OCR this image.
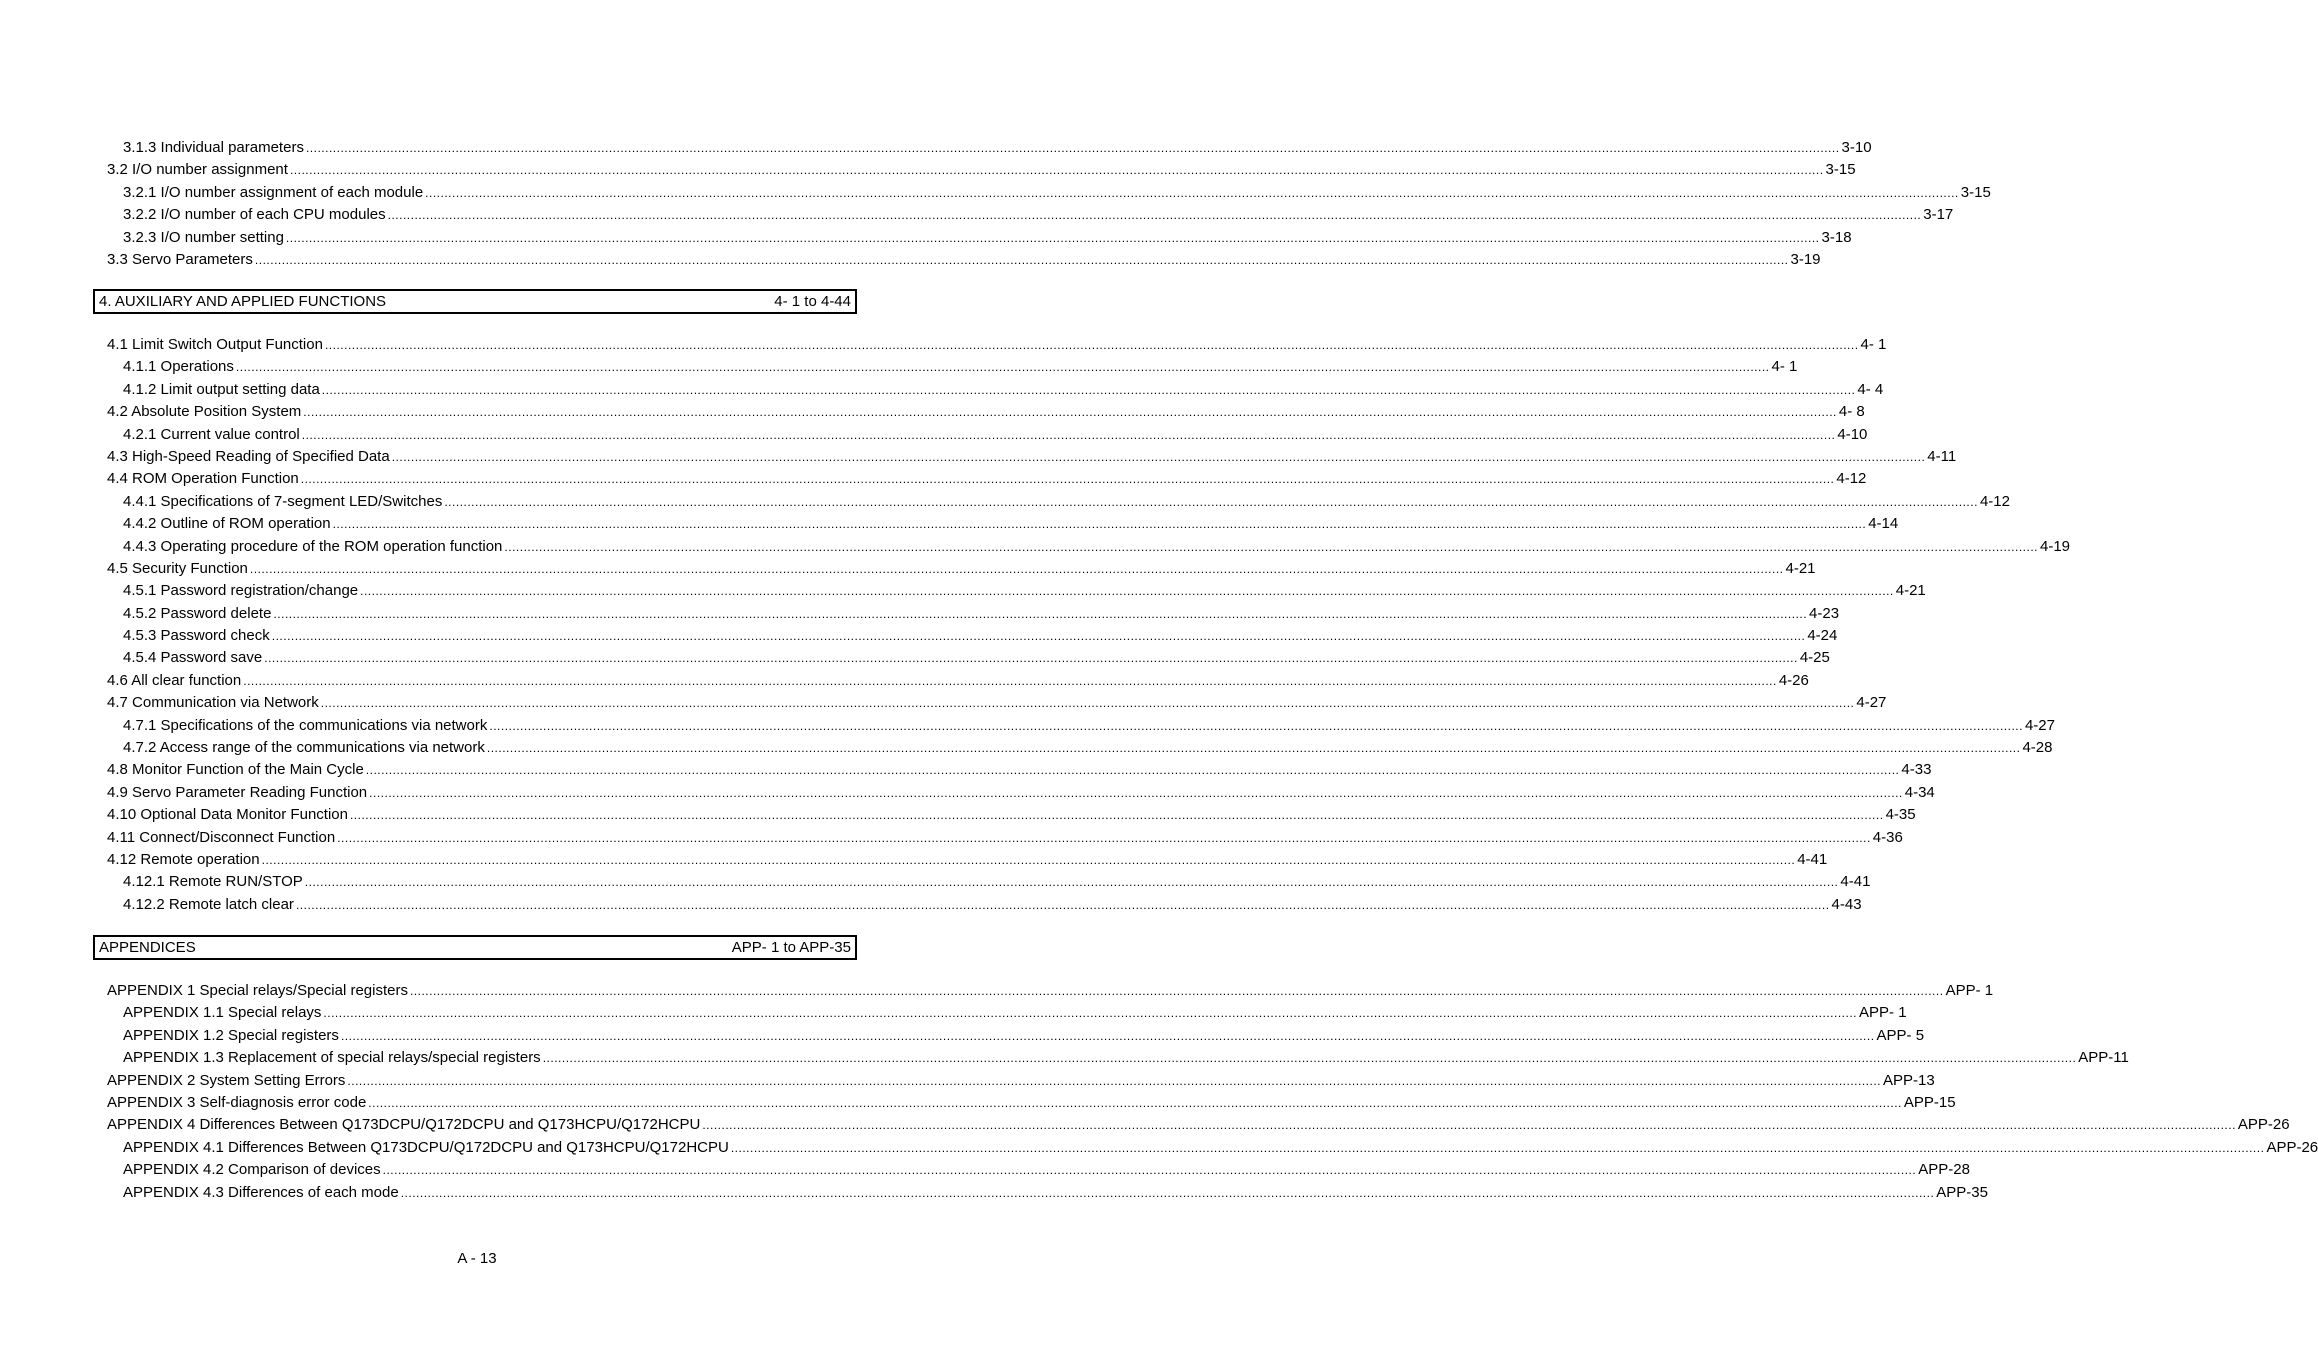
3.1.3 Individual parameters ................................................................................................................................................................................................................................................................................................................................................................................................................ 3-10
3.2 I/O number assignment ................................................................................................................................................................................................................................................................................................................................................................................................................ 3-15
3.2.1 I/O number assignment of each module ................................................................................................................................................................................................................................................................................................................................................................................................................ 3-15
3.2.2 I/O number of each CPU modules ................................................................................................................................................................................................................................................................................................................................................................................................................ 3-17
3.2.3 I/O number setting ................................................................................................................................................................................................................................................................................................................................................................................................................ 3-18
3.3 Servo Parameters ................................................................................................................................................................................................................................................................................................................................................................................................................ 3-19
4. AUXILIARY AND APPLIED FUNCTIONS	4- 1 to 4-44
4.1 Limit Switch Output Function ................................................................................................................................................................................................................................................................................................................................................................................................................ 4- 1
4.1.1 Operations ................................................................................................................................................................................................................................................................................................................................................................................................................ 4- 1
4.1.2 Limit output setting data ................................................................................................................................................................................................................................................................................................................................................................................................................ 4- 4
4.2 Absolute Position System ................................................................................................................................................................................................................................................................................................................................................................................................................ 4- 8
4.2.1 Current value control ................................................................................................................................................................................................................................................................................................................................................................................................................ 4-10
4.3 High-Speed Reading of Specified Data ................................................................................................................................................................................................................................................................................................................................................................................................................ 4-11
4.4 ROM Operation Function ................................................................................................................................................................................................................................................................................................................................................................................................................ 4-12
4.4.1 Specifications of 7-segment LED/Switches ................................................................................................................................................................................................................................................................................................................................................................................................................ 4-12
4.4.2 Outline of ROM operation ................................................................................................................................................................................................................................................................................................................................................................................................................ 4-14
4.4.3 Operating procedure of the ROM operation function ................................................................................................................................................................................................................................................................................................................................................................................................................ 4-19
4.5 Security Function ................................................................................................................................................................................................................................................................................................................................................................................................................ 4-21
4.5.1 Password registration/change ................................................................................................................................................................................................................................................................................................................................................................................................................ 4-21
4.5.2 Password delete ................................................................................................................................................................................................................................................................................................................................................................................................................ 4-23
4.5.3 Password check ................................................................................................................................................................................................................................................................................................................................................................................................................ 4-24
4.5.4 Password save ................................................................................................................................................................................................................................................................................................................................................................................................................ 4-25
4.6 All clear function ................................................................................................................................................................................................................................................................................................................................................................................................................ 4-26
4.7 Communication via Network ................................................................................................................................................................................................................................................................................................................................................................................................................ 4-27
4.7.1 Specifications of the communications via network ................................................................................................................................................................................................................................................................................................................................................................................................................ 4-27
4.7.2 Access range of the communications via network ................................................................................................................................................................................................................................................................................................................................................................................................................ 4-28
4.8 Monitor Function of the Main Cycle ................................................................................................................................................................................................................................................................................................................................................................................................................ 4-33
4.9 Servo Parameter Reading Function ................................................................................................................................................................................................................................................................................................................................................................................................................ 4-34
4.10 Optional Data Monitor Function ................................................................................................................................................................................................................................................................................................................................................................................................................ 4-35
4.11 Connect/Disconnect Function ................................................................................................................................................................................................................................................................................................................................................................................................................ 4-36
4.12 Remote operation ................................................................................................................................................................................................................................................................................................................................................................................................................ 4-41
4.12.1 Remote RUN/STOP ................................................................................................................................................................................................................................................................................................................................................................................................................ 4-41
4.12.2 Remote latch clear ................................................................................................................................................................................................................................................................................................................................................................................................................ 4-43
APPENDICES	APP- 1 to APP-35
APPENDIX 1 Special relays/Special registers ................................................................................................................................................................................................................................................................................................................................................................................................................ APP- 1
APPENDIX 1.1 Special relays ................................................................................................................................................................................................................................................................................................................................................................................................................ APP- 1
APPENDIX 1.2 Special registers ................................................................................................................................................................................................................................................................................................................................................................................................................ APP- 5
APPENDIX 1.3 Replacement of special relays/special registers ................................................................................................................................................................................................................................................................................................................................................................................................................ APP-11
APPENDIX 2 System Setting Errors ................................................................................................................................................................................................................................................................................................................................................................................................................ APP-13
APPENDIX 3 Self-diagnosis error code ................................................................................................................................................................................................................................................................................................................................................................................................................ APP-15
APPENDIX 4 Differences Between Q173DCPU/Q172DCPU and Q173HCPU/Q172HCPU ................................................................................................................................................................................................................................................................................................................................................................................................................ APP-26
APPENDIX 4.1 Differences Between Q173DCPU/Q172DCPU and Q173HCPU/Q172HCPU ................................................................................................................................................................................................................................................................................................................................................................................................................ APP-26
APPENDIX 4.2 Comparison of devices ................................................................................................................................................................................................................................................................................................................................................................................................................ APP-28
APPENDIX 4.3 Differences of each mode ................................................................................................................................................................................................................................................................................................................................................................................................................ APP-35
A - 13
